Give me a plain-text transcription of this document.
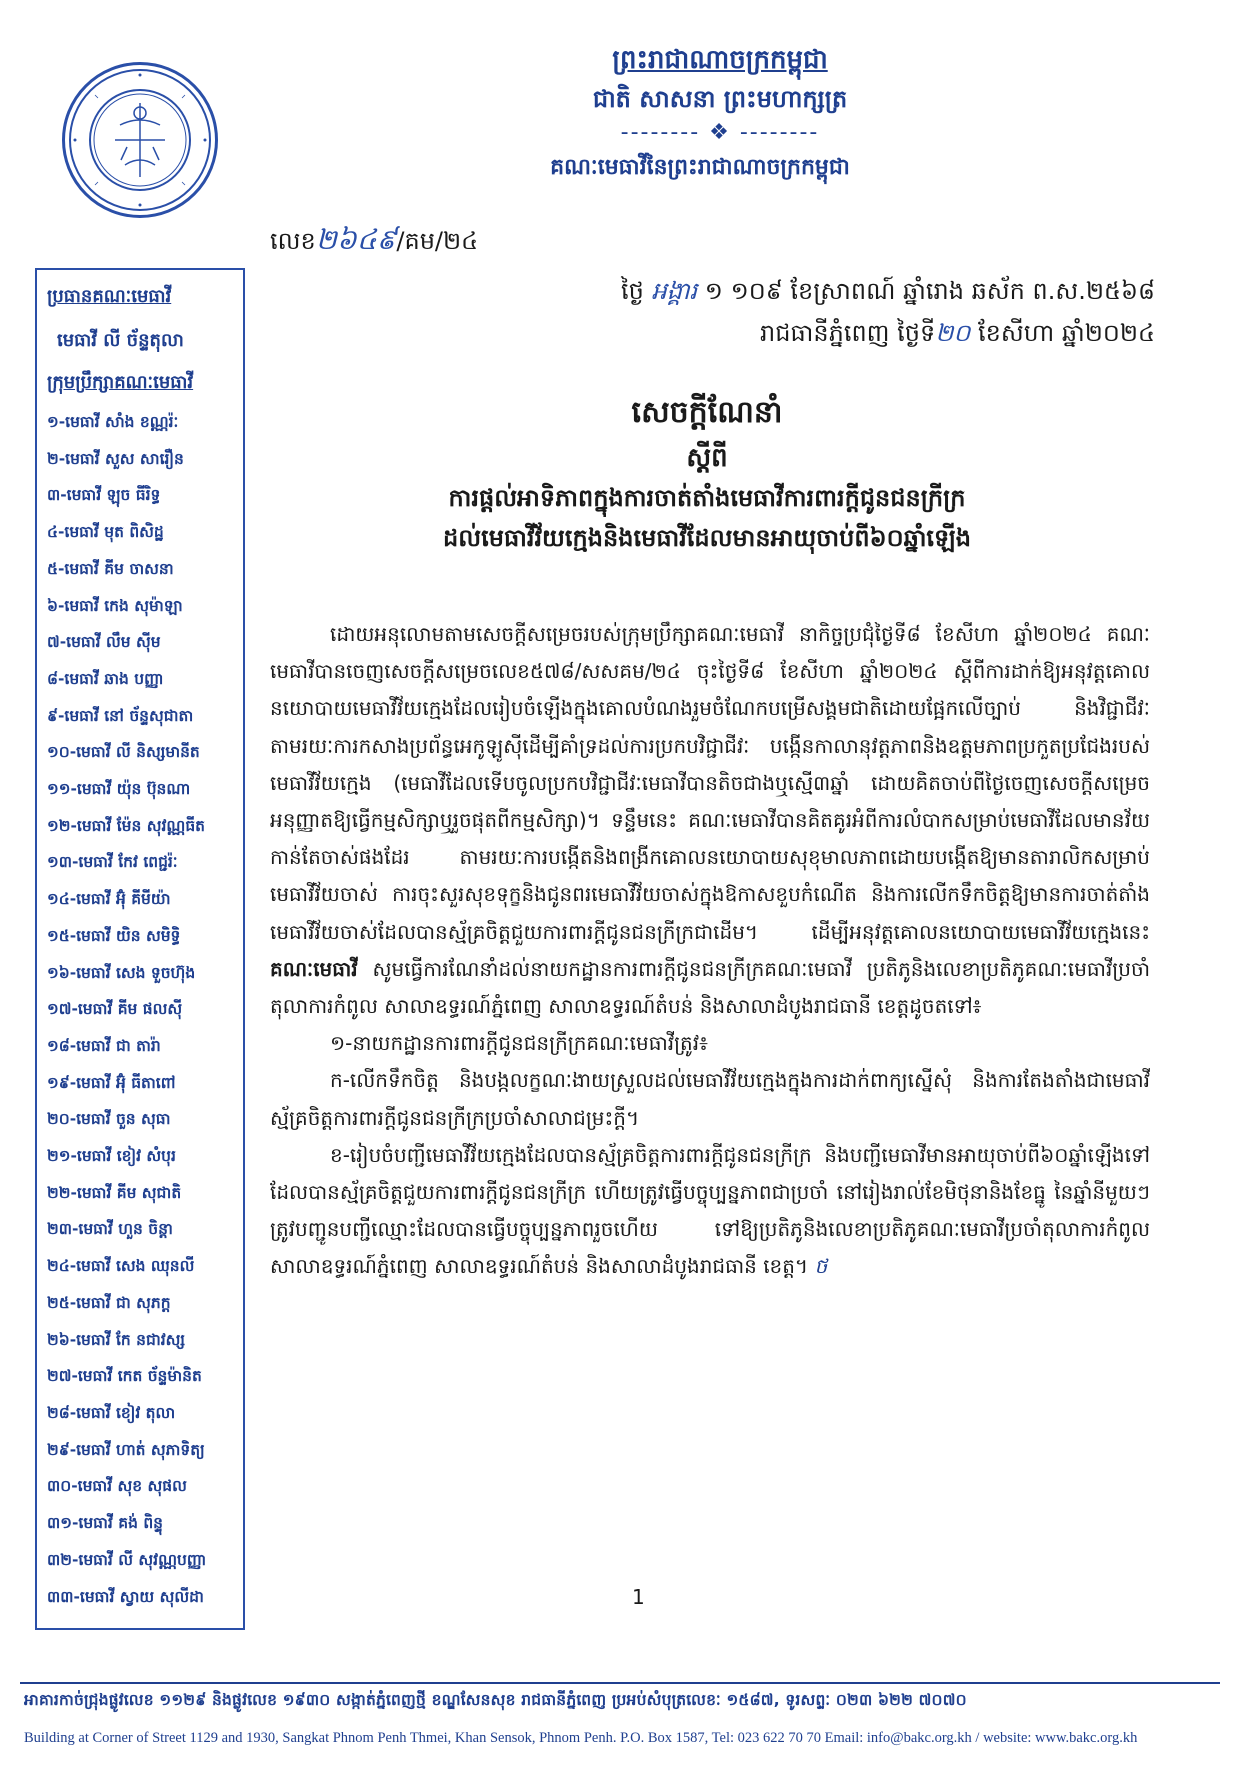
ព្រះរាជាណាចក្រកម្ពុជា
ជាតិ សាសនា ព្រះមហាក្សត្រ
-------- ❖ --------
គណៈមេធាវីនៃព្រះរាជាណាចក្រកម្ពុជា
លេខ២៦៤៩/គម/២៤
ថ្ងៃ អង្គារ ១ ១០៩ ខែស្រាពណ៍ ឆ្នាំរោង ឆស័ក ព.ស.២៥៦៨
រាជធានីភ្នំពេញ ថ្ងៃទី២០ ខែសីហា ឆ្នាំ២០២៤
ប្រធានគណៈមេធាវី
មេធាវី លី ច័ន្ទតុលា
ក្រុមប្រឹក្សាគណៈមេធាវី
១-មេធាវី សាំង ខណ្ណរ៉ៈ
២-មេធាវី សួស សារឿន
៣-មេធាវី ឡុច ធីរិទ្ធ
៤-មេធាវី មុត ពិសិដ្ឋ
៥-មេធាវី គីម ចាសនា
៦-មេធាវី កេង សុម៉ាឡា
៧-មេធាវី លឹម ស៊ីម
៨-មេធាវី ឆាង បញ្ញា
៩-មេធាវី នៅ ច័ន្ទសុជាតា
១០-មេធាវី លី និស្សមានីត
១១-មេធាវី យ៉ុន ប៊ុនណា
១២-មេធាវី ម៉ែន សុវណ្ណធីត
១៣-មេធាវី កែវ ពេជ្ជរ៉ៈ
១៤-មេធាវី អ៊ុំ គីមីយ៉ា
១៥-មេធាវី យិន សមិទ្ធិ
១៦-មេធាវី សេង ទួចហ៊ុង
១៧-មេធាវី គីម ផលស៊ី
១៨-មេធាវី ជា តារ៉ា
១៩-មេធាវី អ៊ុំ ធីតាពៅ
២០-មេធាវី ចួន សុធា
២១-មេធាវី ខៀវ សំបុរ
២២-មេធាវី គីម សុជាតិ
២៣-មេធាវី ហួន ចិន្តា
២៤-មេធាវី សេង ឈុនលី
២៥-មេធាវី ជា សុភក្ត
២៦-មេធាវី កែ នជាវស្ស
២៧-មេធាវី កេត ច័ន្ទម៉ានិត
២៨-មេធាវី ខៀវ តុលា
២៩-មេធាវី ហាត់ សុភាទិត្យ
៣០-មេធាវី សុខ សុផល
៣១-មេធាវី គង់ ពិន្ទុ
៣២-មេធាវី លី សុវណ្ណបញ្ញា
៣៣-មេធាវី ស្វាយ សុលីដា
សេចក្ដីណែនាំ
ស្ដីពី
ការផ្ដល់អាទិភាពក្នុងការចាត់តាំងមេធាវីការពារក្ដីជូនជនក្រីក្រ
ដល់មេធាវីវ័យក្មេងនិងមេធាវីដែលមានអាយុចាប់ពី៦០ឆ្នាំឡើង

ដោយអនុលោមតាមសេចក្ដីសម្រេចរបស់ក្រុមប្រឹក្សាគណៈមេធាវី នាកិច្ចប្រជុំថ្ងៃទី៨ ខែសីហា ឆ្នាំ២០២៤ គណៈមេធាវីបានចេញសេចក្ដីសម្រេចលេខ៥៧៨/សសគម/២៤ ចុះថ្ងៃទី៨ ខែសីហា ឆ្នាំ២០២៤ ស្ដីពីការដាក់ឱ្យអនុវត្តគោលនយោបាយមេធាវីវ័យក្មេងដែលរៀបចំឡើងក្នុងគោលបំណងរួមចំណែកបម្រើសង្គមជាតិដោយផ្អែកលើច្បាប់ និងវិជ្ជាជីវៈ តាមរយៈការកសាងប្រព័ន្ធអេកូឡូស៊ីដើម្បីគាំទ្រដល់ការប្រកបវិជ្ជាជីវៈ បង្កើនកាលានុវត្តភាពនិងឧត្តមភាពប្រកួតប្រជែងរបស់មេធាវីវ័យក្មេង (មេធាវីដែលទើបចូលប្រកបវិជ្ជាជីវៈមេធាវីបានតិចជាងឬស្មើ៣ឆ្នាំ ដោយគិតចាប់ពីថ្ងៃចេញសេចក្ដីសម្រេចអនុញ្ញាតឱ្យធ្វើកម្មសិក្សាឬរួចផុតពីកម្មសិក្សា)។ ទន្ទឹមនេះ គណៈមេធាវីបានគិតគូរអំពីការលំបាកសម្រាប់មេធាវីដែលមានវ័យកាន់តែចាស់ផងដែរ តាមរយៈការបង្កើតនិងពង្រីកគោលនយោបាយសុខុមាលភាពដោយបង្កើតឱ្យមានតារាលិកសម្រាប់មេធាវីវ័យចាស់ ការចុះសួរសុខទុក្ខនិងជូនពរមេធាវីវ័យចាស់ក្នុងឱកាសខួបកំណើត និងការលើកទឹកចិត្តឱ្យមានការចាត់តាំងមេធាវីវ័យចាស់ដែលបានស្ម័គ្រចិត្តជួយការពារក្ដីជូនជនក្រីក្រជាដើម។ ដើម្បីអនុវត្តគោលនយោបាយមេធាវីវ័យក្មេងនេះ គណៈមេធាវី សូមធ្វើការណែនាំដល់នាយកដ្ឋានការពារក្ដីជូនជនក្រីក្រគណៈមេធាវី ប្រតិភូនិងលេខាប្រតិភូគណៈមេធាវីប្រចាំតុលាការកំពូល សាលាឧទ្ធរណ៍ភ្នំពេញ សាលាឧទ្ធរណ៍តំបន់ និងសាលាដំបូងរាជធានី ខេត្តដូចតទៅ៖

១-នាយកដ្ឋានការពារក្ដីជូនជនក្រីក្រគណៈមេធាវីត្រូវ៖

ក-លើកទឹកចិត្ត និងបង្កលក្ខណៈងាយស្រួលដល់មេធាវីវ័យក្មេងក្នុងការដាក់ពាក្យស្នើសុំ និងការតែងតាំងជាមេធាវីស្ម័គ្រចិត្តការពារក្ដីជូនជនក្រីក្រប្រចាំសាលាជម្រះក្ដី។

ខ-រៀបចំបញ្ជីមេធាវីវ័យក្មេងដែលបានស្ម័គ្រចិត្តការពារក្ដីជូនជនក្រីក្រ និងបញ្ជីមេធាវីមានអាយុចាប់ពី៦០ឆ្នាំឡើងទៅដែលបានស្ម័គ្រចិត្តជួយការពារក្ដីជូនជនក្រីក្រ ហើយត្រូវធ្វើបច្ចុប្បន្នភាពជាប្រចាំ នៅរៀងរាល់ខែមិថុនានិងខែធ្នូ នៃឆ្នាំនីមួយៗ ត្រូវបញ្ជូនបញ្ជីឈ្មោះដែលបានធ្វើបច្ចុប្បន្នភាពរួចហើយ ទៅឱ្យប្រតិភូនិងលេខាប្រតិភូគណៈមេធាវីប្រចាំតុលាការកំពូល សាលាឧទ្ធរណ៍ភ្នំពេញ សាលាឧទ្ធរណ៍តំបន់ និងសាលាដំបូងរាជធានី ខេត្ត។ ថ

1
អាគារកាច់ជ្រុងផ្លូវលេខ ១១២៩ និងផ្លូវលេខ ១៩៣០ សង្កាត់ភ្នំពេញថ្មី ខណ្ឌសែនសុខ រាជធានីភ្នំពេញ ប្រអប់សំបុត្រលេខៈ ១៥៨៧, ទូរសព្ទៈ ០២៣ ៦២២ ៧០៧០
Building at Corner of Street 1129 and 1930, Sangkat Phnom Penh Thmei, Khan Sensok, Phnom Penh. P.O. Box 1587, Tel: 023 622 70 70 Email: info@bakc.org.kh / website: www.bakc.org.kh
